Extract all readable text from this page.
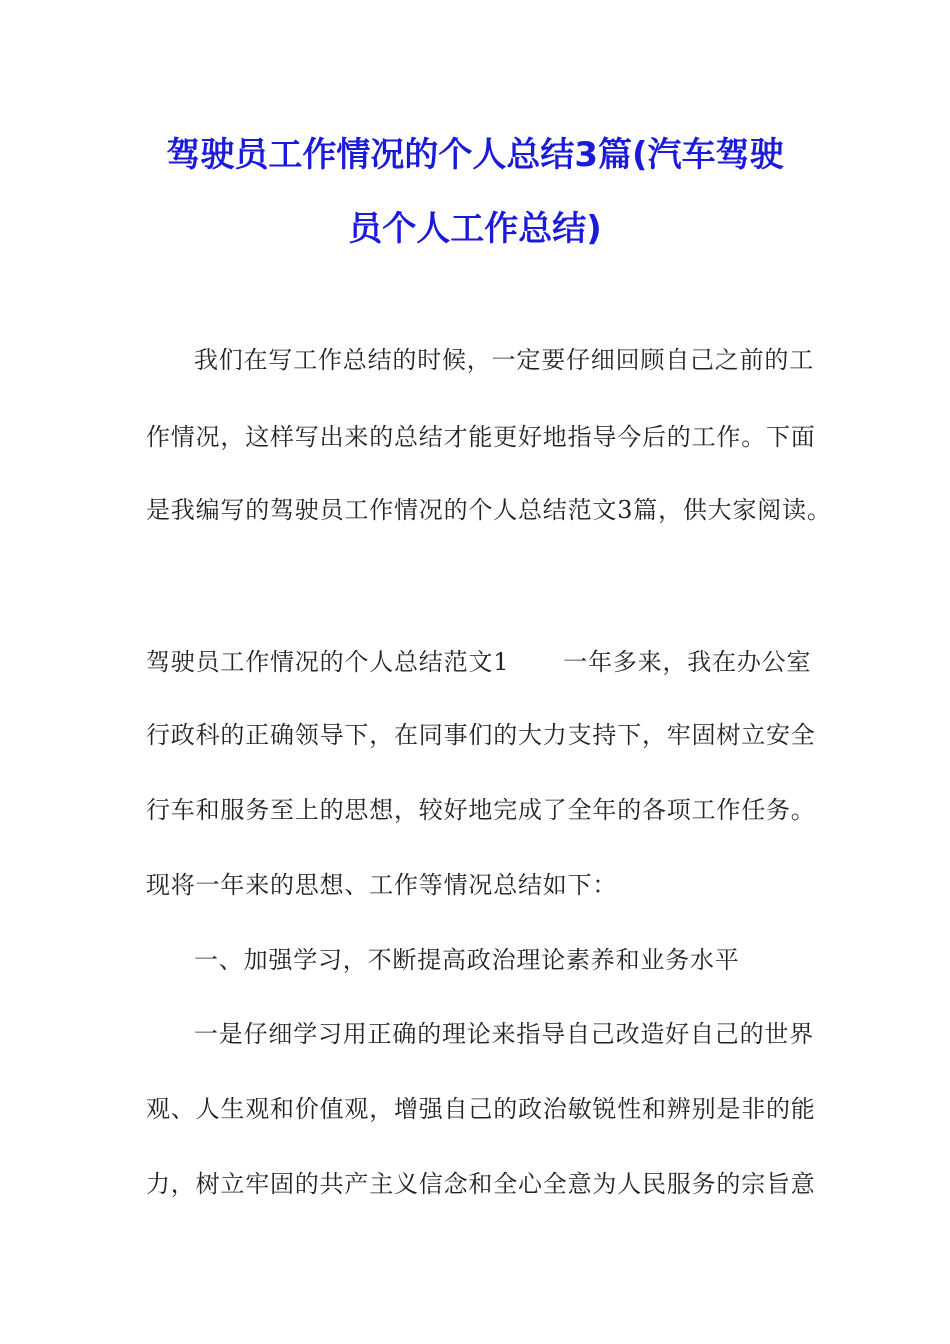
驾驶员工作情况的个人总结3篇(汽车驾驶
员个人工作总结)
我们在写工作总结的时候，一定要仔细回顾自己之前的工
作情况，这样写出来的总结才能更好地指导今后的工作。下面
是我编写的驾驶员工作情况的个人总结范文3篇，供大家阅读。
驾驶员工作情况的个人总结范文1 一年多来，我在办公室
行政科的正确领导下，在同事们的大力支持下，牢固树立安全
行车和服务至上的思想，较好地完成了全年的各项工作任务。
现将一年来的思想、工作等情况总结如下：
一、加强学习，不断提高政治理论素养和业务水平
一是仔细学习用正确的理论来指导自己改造好自己的世界
观、人生观和价值观，增强自己的政治敏锐性和辨别是非的能
力，树立牢固的共产主义信念和全心全意为人民服务的宗旨意
